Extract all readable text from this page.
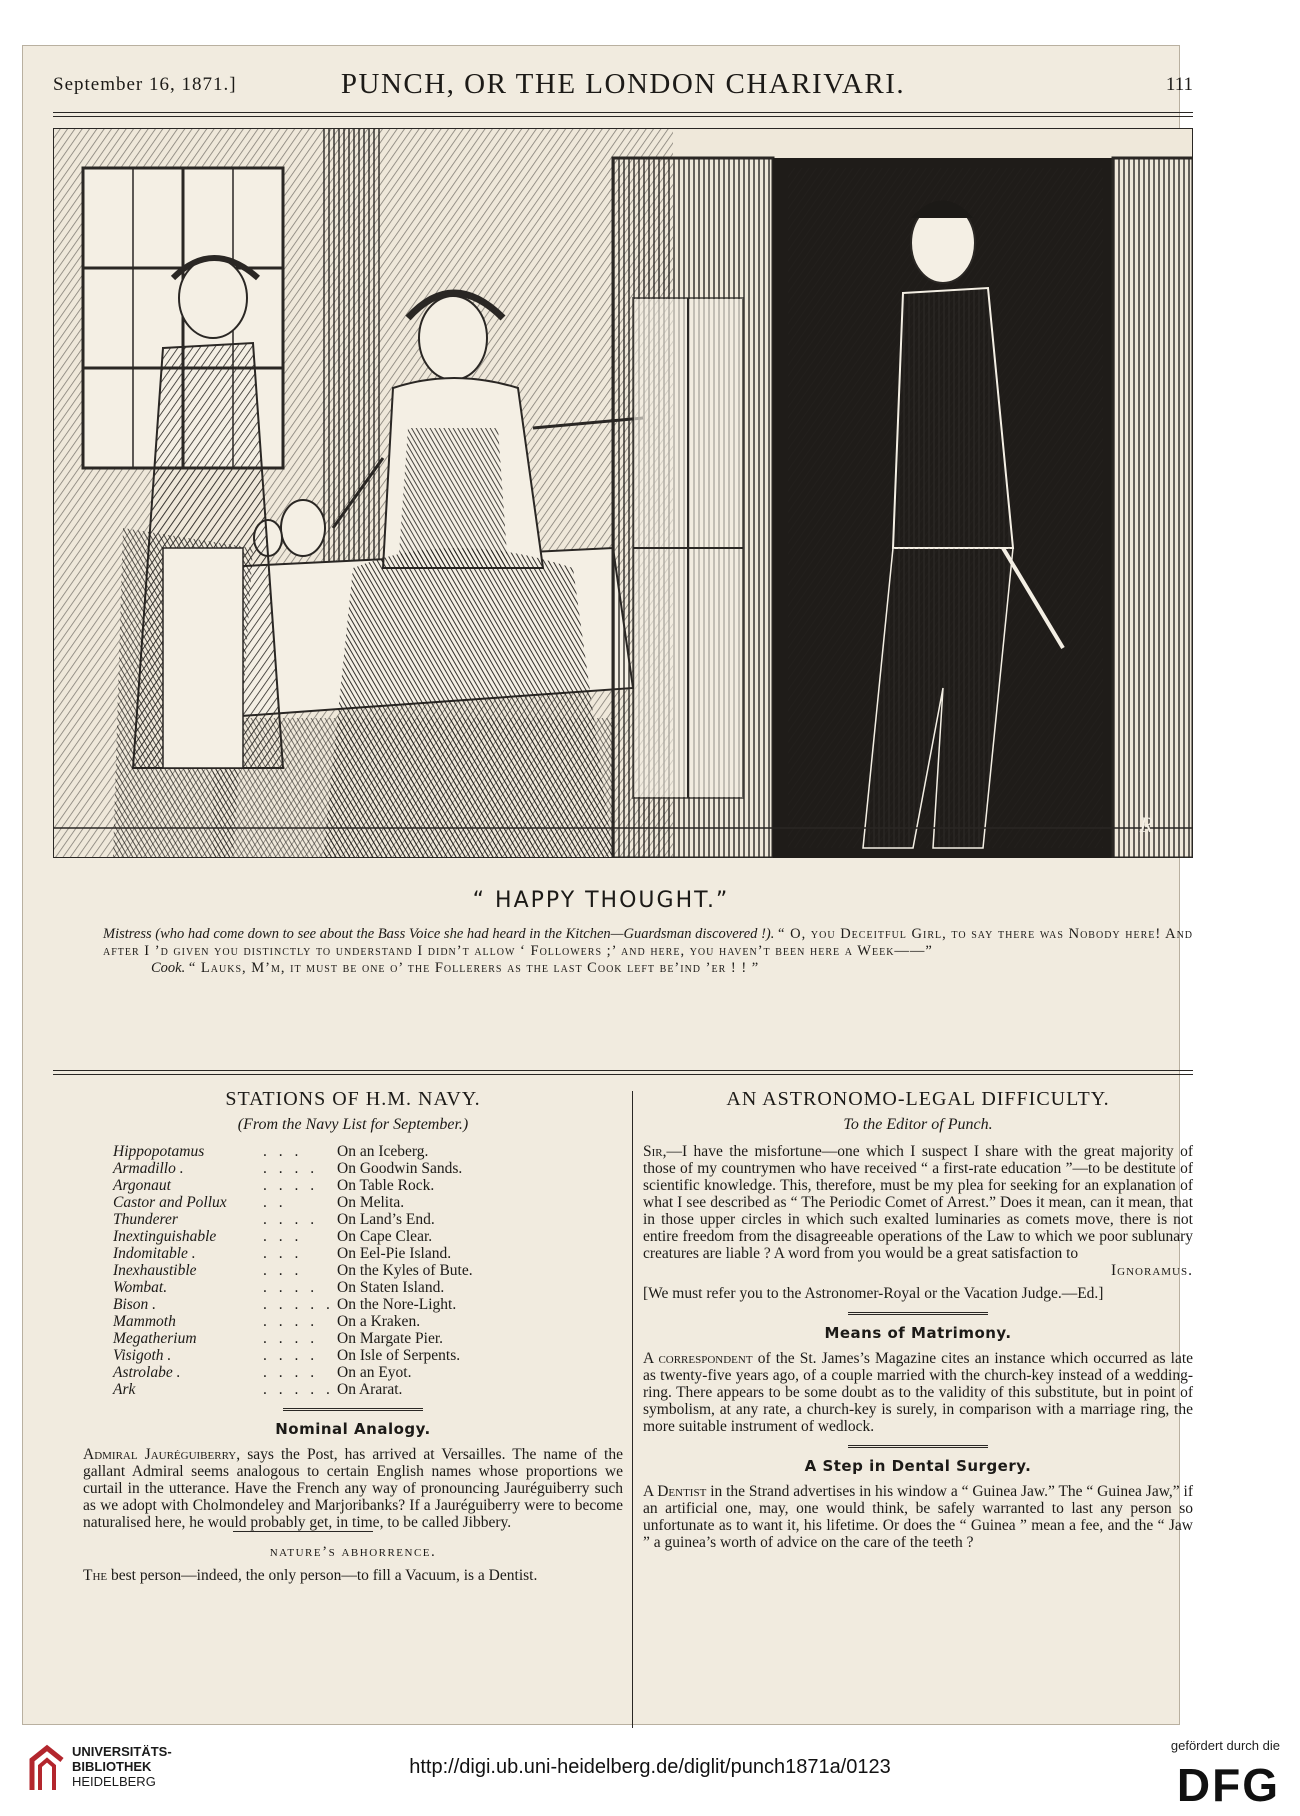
September 16, 1871.]	PUNCH, OR THE LONDON CHARIVARI.	111
R
“ HAPPY THOUGHT.”

Mistress (who had come down to see about the Bass Voice she had heard in the Kitchen—Guardsman discovered !). “ O, you Deceitful Girl, to say there was Nobody here! And after I ’d given you distinctly to understand I didn’t allow ‘ Followers ;’ and here, you haven’t been here a Week——”

Cook. “ Lauks, M’m, it must be one o’ the Follerers as the last Cook left be’ind ’er ! ! ”

STATIONS OF H.M. NAVY.
(From the Navy List for September.)
Hippopotamus	. . .	On an Iceberg.
Armadillo .	. . . .	On Goodwin Sands.
Argonaut	. . . .	On Table Rock.
Castor and Pollux	. .	On Melita.
Thunderer	. . . .	On Land’s End.
Inextinguishable	. . .	On Cape Clear.
Indomitable .	. . .	On Eel-Pie Island.
Inexhaustible	. . .	On the Kyles of Bute.
Wombat.	. . . .	On Staten Island.
Bison .	. . . . . On the Nore-Light.
Mammoth	. . . .	On a Kraken.
Megatherium	. . . .	On Margate Pier.
Visigoth .	. . . .	On Isle of Serpents.
Astrolabe .	. . . .	On an Eyot.
Ark	. . . . . On Ararat.
Nominal Analogy.

Admiral Jauréguiberry, says the Post, has arrived at Versailles. The name of the gallant Admiral seems analogous to certain English names whose proportions we curtail in the utterance. Have the French any way of pronouncing Jauréguiberry such as we adopt with Cholmondeley and Marjoribanks? If a Jauréguiberry were to become naturalised here, he would probably get, in time, to be called Jibbery.

nature’s abhorrence.

The best person—indeed, the only person—to fill a Vacuum, is a Dentist.

AN ASTRONOMO-LEGAL DIFFICULTY.
To the Editor of Punch.

Sir,—I have the misfortune—one which I suspect I share with the great majority of those of my countrymen who have received “ a first-rate education ”—to be destitute of scientific knowledge. This, therefore, must be my plea for seeking for an explanation of what I see described as “ The Periodic Comet of Arrest.” Does it mean, can it mean, that in those upper circles in which such exalted luminaries as comets move, there is not entire freedom from the disagreeable operations of the Law to which we poor sublunary creatures are liable ? A word from you would be a great satisfaction to

Ignoramus.

[We must refer you to the Astronomer-Royal or the Vacation Judge.—Ed.]

Means of Matrimony.

A correspondent of the St. James’s Magazine cites an instance which occurred as late as twenty-five years ago, of a couple married with the church-key instead of a wedding-ring. There appears to be some doubt as to the validity of this substitute, but in point of symbolism, at any rate, a church-key is surely, in comparison with a marriage ring, the more suitable instrument of wedlock.

A Step in Dental Surgery.

A Dentist in the Strand advertises in his window a “ Guinea Jaw.” The “ Guinea Jaw,” if an artificial one, may, one would think, be safely warranted to last any person so unfortunate as to want it, his lifetime. Or does the “ Guinea ” mean a fee, and the “ Jaw ” a guinea’s worth of advice on the care of the teeth ?

UNIVERSITÄTS-
BIBLIOTHEK
HEIDELBERG
http://digi.ub.uni-heidelberg.de/diglit/punch1871a/0123
gefördert durch die
DFG
